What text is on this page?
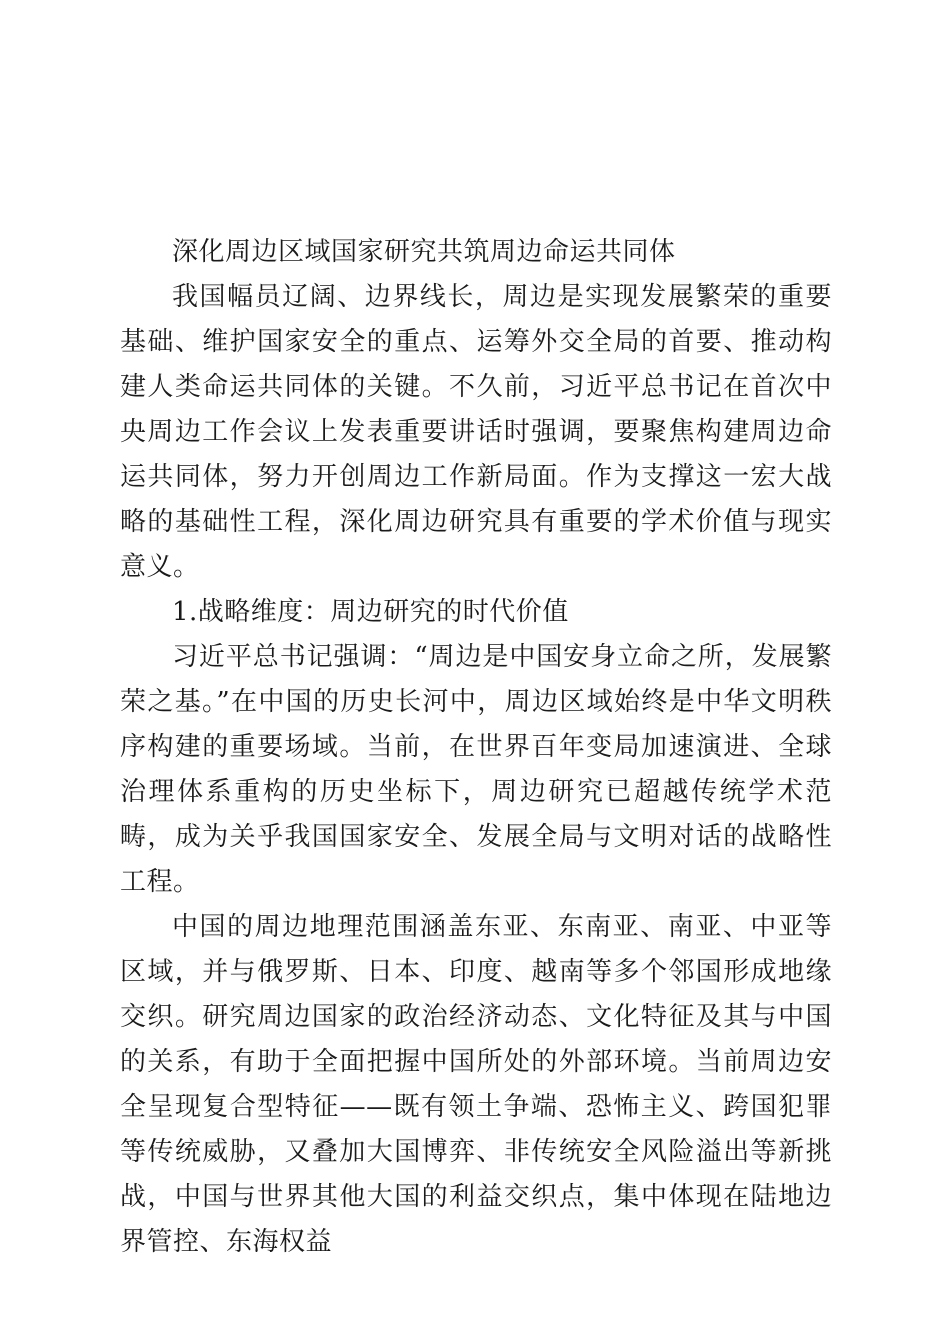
深化周边区域国家研究共筑周边命运共同体

我国幅员辽阔、边界线长，周边是实现发展繁荣的重要基础、维护国家安全的重点、运筹外交全局的首要、推动构建人类命运共同体的关键。不久前，习近平总书记在首次中央周边工作会议上发表重要讲话时强调，要聚焦构建周边命运共同体，努力开创周边工作新局面。作为支撑这一宏大战略的基础性工程，深化周边研究具有重要的学术价值与现实意义。

1.战略维度：周边研究的时代价值

习近平总书记强调：“周边是中国安身立命之所，发展繁荣之基。”在中国的历史长河中，周边区域始终是中华文明秩序构建的重要场域。当前，在世界百年变局加速演进、全球治理体系重构的历史坐标下，周边研究已超越传统学术范畴，成为关乎我国国家安全、发展全局与文明对话的战略性工程。

中国的周边地理范围涵盖东亚、东南亚、南亚、中亚等区域，并与俄罗斯、日本、印度、越南等多个邻国形成地缘交织。研究周边国家的政治经济动态、文化特征及其与中国的关系，有助于全面把握中国所处的外部环境。当前周边安全呈现复合型特征——既有领土争端、恐怖主义、跨国犯罪等传统威胁，又叠加大国博弈、非传统安全风险溢出等新挑战，中国与世界其他大国的利益交织点，集中体现在陆地边界管控、东海权益
